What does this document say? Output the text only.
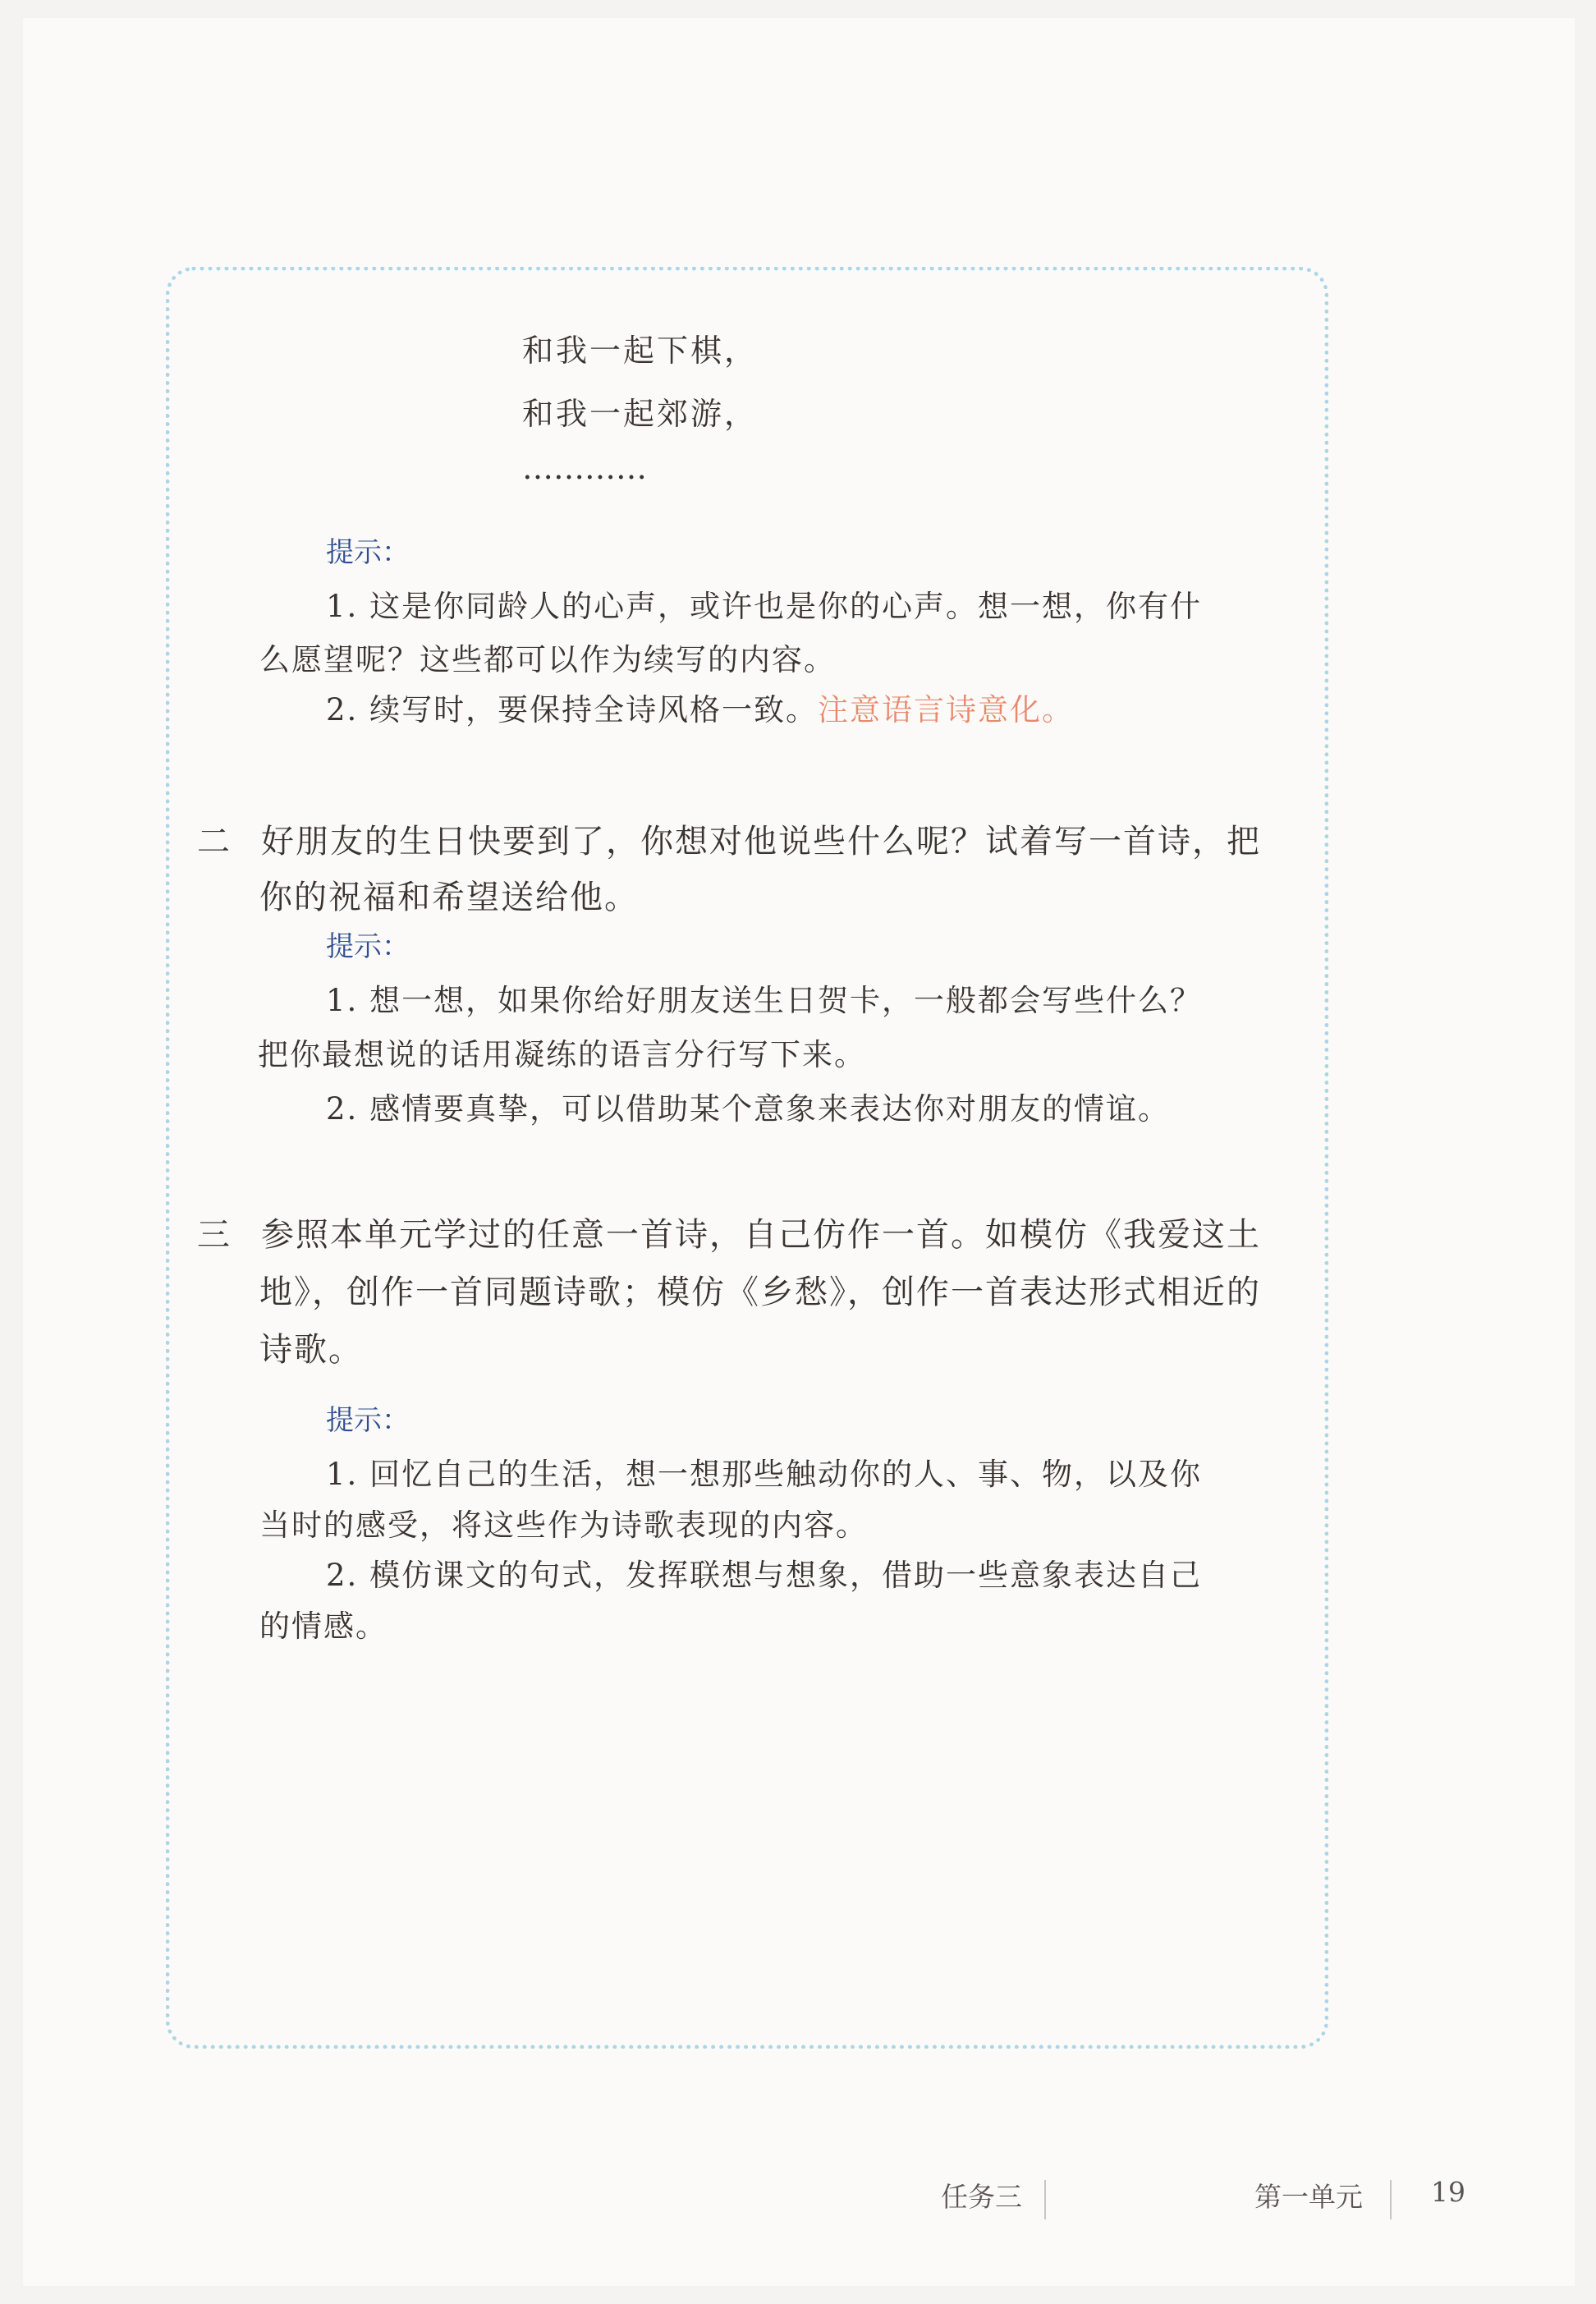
和我一起下棋，

和我一起郊游，

…………

提示：

1. 这是你同龄人的心声，或许也是你的心声。想一想，你有什

么愿望呢？这些都可以作为续写的内容。

2. 续写时，要保持全诗风格一致。注意语言诗意化。

二 好朋友的生日快要到了，你想对他说些什么呢？试着写一首诗，把

你的祝福和希望送给他。

提示：

1. 想一想，如果你给好朋友送生日贺卡，一般都会写些什么？

把你最想说的话用凝练的语言分行写下来。

2. 感情要真挚，可以借助某个意象来表达你对朋友的情谊。

三 参照本单元学过的任意一首诗，自己仿作一首。如模仿《我爱这土

地》，创作一首同题诗歌；模仿《乡愁》，创作一首表达形式相近的

诗歌。

提示：

1. 回忆自己的生活，想一想那些触动你的人、事、物，以及你

当时的感受，将这些作为诗歌表现的内容。

2. 模仿课文的句式，发挥联想与想象，借助一些意象表达自己

的情感。

任务三	第一单元	19
